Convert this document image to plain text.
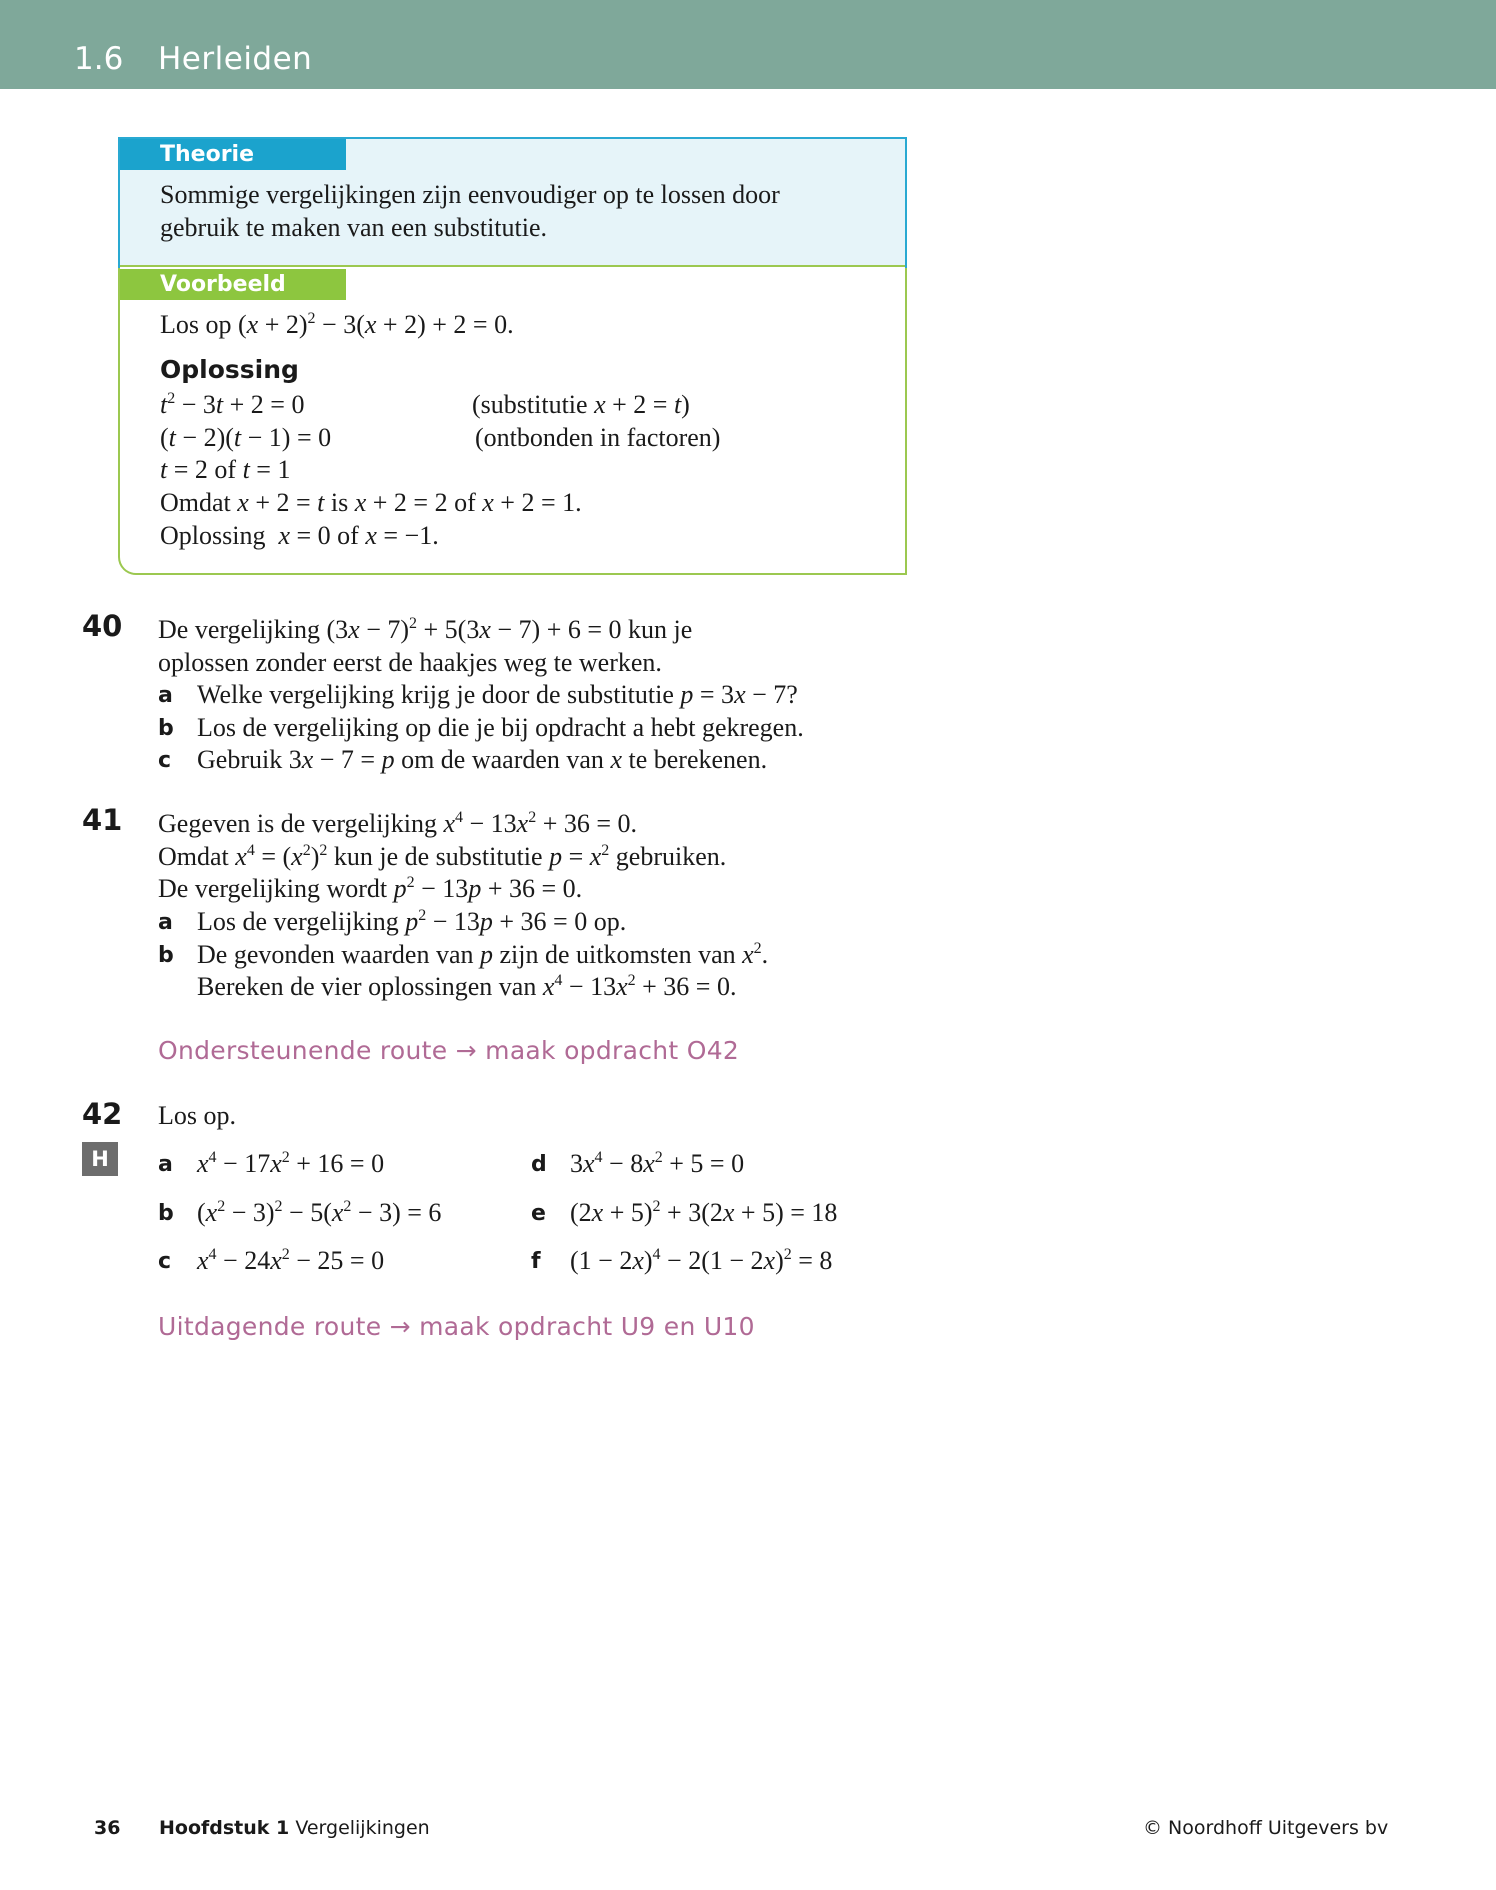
1.6 Herleiden
Theorie
Sommige vergelijkingen zijn eenvoudiger op te lossen door
gebruik te maken van een substitutie.
Voorbeeld
Los op $(x + 2)^2 - 3(x + 2) + 2 = 0$.
Oplossing
$t^2 - 3t + 2 = 0$	(substitutie x + 2 = t)
(t − 2)(t − 1) = 0	(ontbonden in factoren)
t = 2 of t = 1
Omdat x + 2 = t is x + 2 = 2 of x + 2 = 1.
Oplossing  x = 0 of x = −1.
40 De vergelijking $(3x - 7)^2 + 5(3x - 7) + 6 = 0$ kun je
oplossen zonder eerst de haakjes weg te werken.
a Welke vergelijking krijg je door de substitutie p = 3x − 7?
b Los de vergelijking op die je bij opdracht a hebt gekregen.
c Gebruik 3x − 7 = p om de waarden van x te berekenen.
41 Gegeven is de vergelijking $x^4 - 13x^2 + 36 = 0$.
Omdat $x^4 = (x^2)^2$ kun je de substitutie $p = x^2$ gebruiken.
De vergelijking wordt $p^2 - 13p + 36 = 0$.
a Los de vergelijking $p^2 - 13p + 36 = 0$ op.
b De gevonden waarden van p zijn de uitkomsten van $x^2$.
Bereken de vier oplossingen van $x^4 - 13x^2 + 36 = 0$.
Ondersteunende route → maak opdracht O42
42
H
Los op.
a $x^4 - 17x^2 + 16 = 0$	d $3x^4 - 8x^2 + 5 = 0$
b $(x^2 - 3)^2 - 5(x^2 - 3) = 6$	e $(2x + 5)^2 + 3(2x + 5) = 18$
c $x^4 - 24x^2 - 25 = 0$	f $(1 - 2x)^4 - 2(1 - 2x)^2 = 8$
Uitdagende route → maak opdracht U9 en U10
36 Hoofdstuk 1 Vergelijkingen	© Noordhoff Uitgevers bv
